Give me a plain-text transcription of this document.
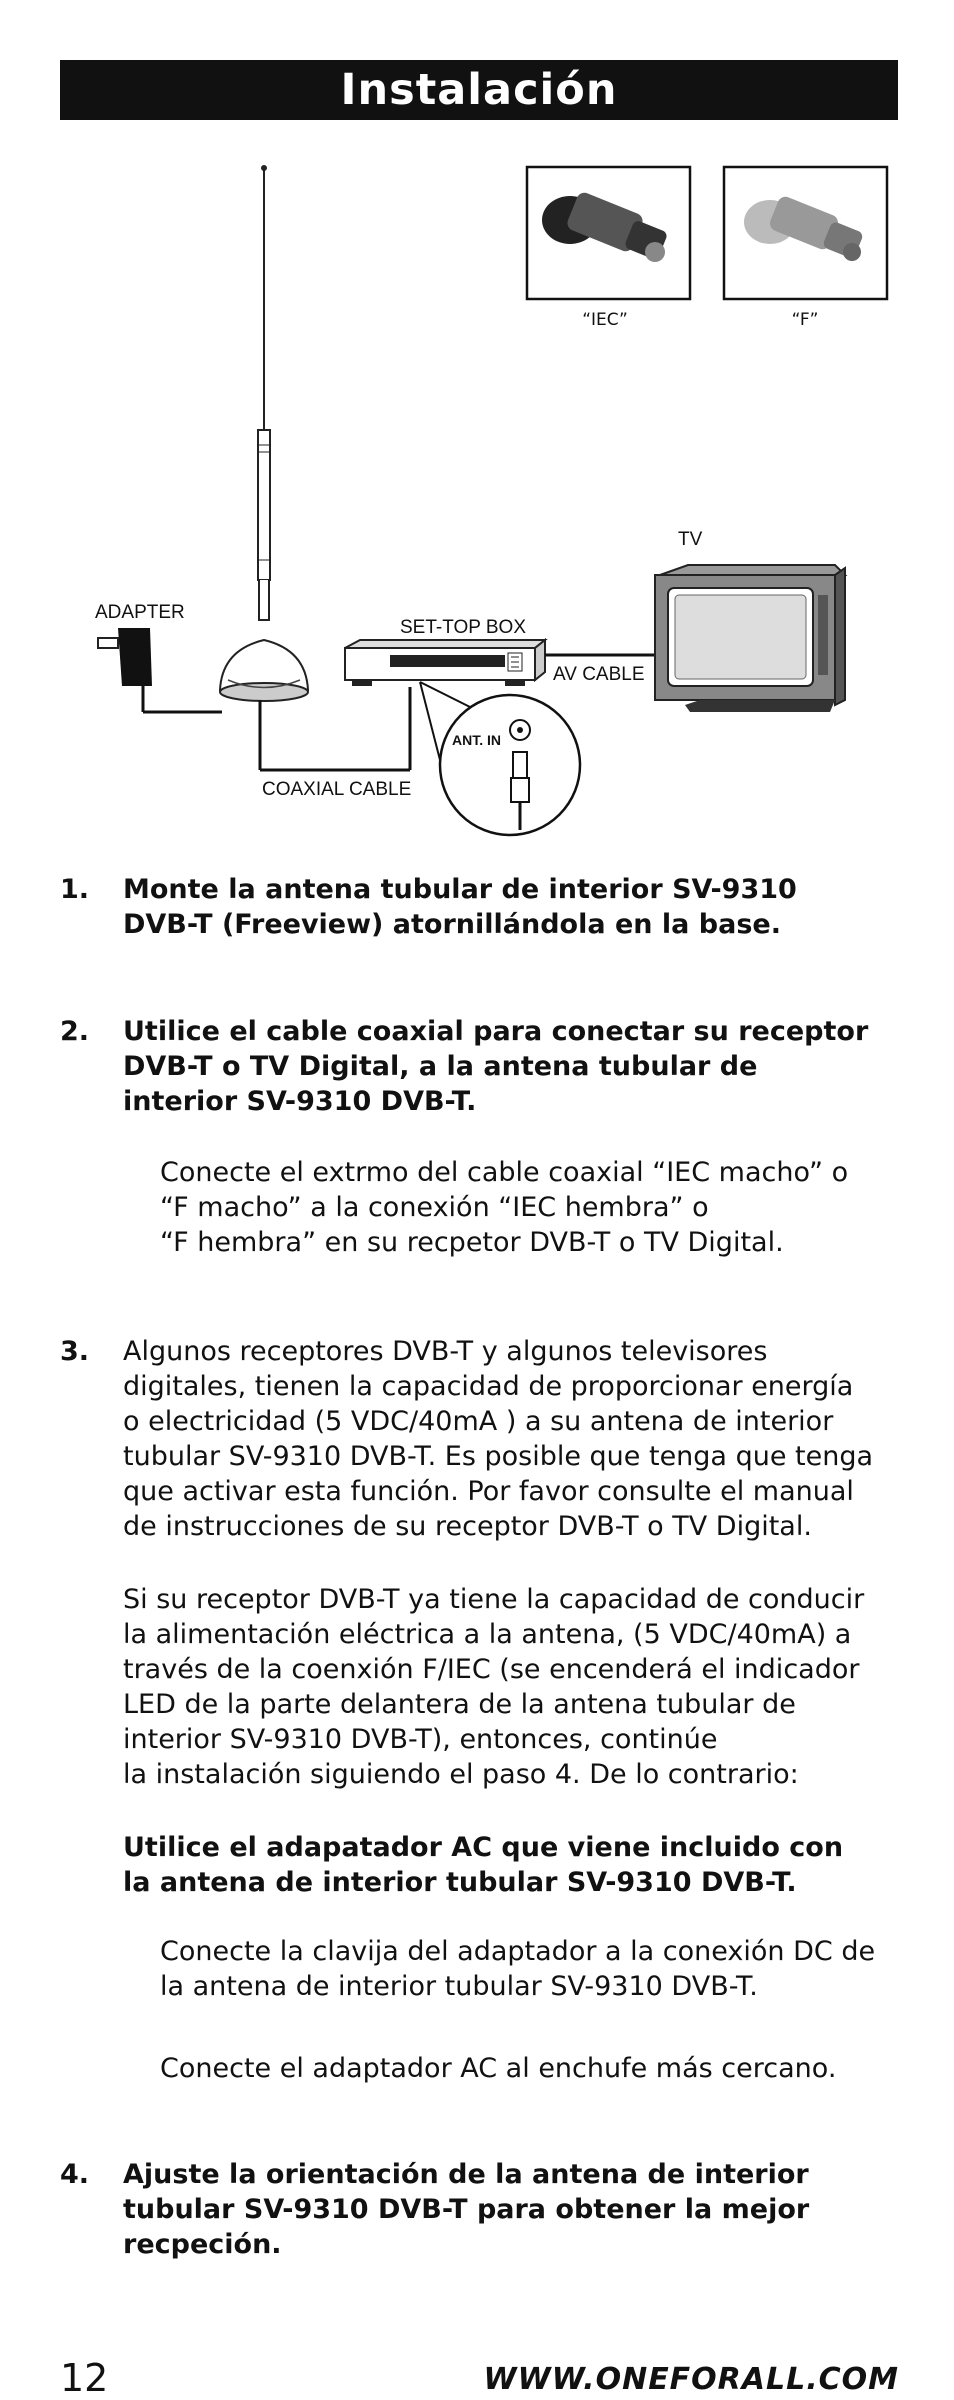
Instalación
“IEC”	“F”
ADAPTER
COAXIAL CABLE
SET-TOP BOX
AV CABLE
TV
ANT. IN
1. Monte la antena tubular de interior SV-9310
DVB-T (Freeview) atornillándola en la base.
2. Utilice el cable coaxial para conectar su receptor
DVB-T o TV Digital, a la antena tubular de
interior SV-9310 DVB-T.
Conecte el extrmo del cable coaxial “IEC macho” o
“F macho” a la conexión “IEC hembra” o
“F hembra” en su recpetor DVB-T o TV Digital.
3. Algunos receptores DVB-T y algunos televisores
digitales, tienen la capacidad de proporcionar energía
o electricidad (5 VDC/40mA ) a su antena de interior
tubular SV-9310 DVB-T. Es posible que tenga que tenga
que activar esta función. Por favor consulte el manual
de instrucciones de su receptor DVB-T o TV Digital.
Si su receptor DVB-T ya tiene la capacidad de conducir
la alimentación eléctrica a la antena, (5 VDC/40mA) a
través de la coenxión F/IEC (se encenderá el indicador
LED de la parte delantera de la antena tubular de
interior SV-9310 DVB-T), entonces, continúe
la instalación siguiendo el paso 4. De lo contrario:
Utilice el adapatador AC que viene incluido con
la antena de interior tubular SV-9310 DVB-T.
Conecte la clavija del adaptador a la conexión DC de
la antena de interior tubular SV-9310 DVB-T.
Conecte el adaptador AC al enchufe más cercano.
4. Ajuste la orientación de la antena de interior
tubular SV-9310 DVB-T para obtener la mejor
recpeción.
12	WWW.ONEFORALL.COM
